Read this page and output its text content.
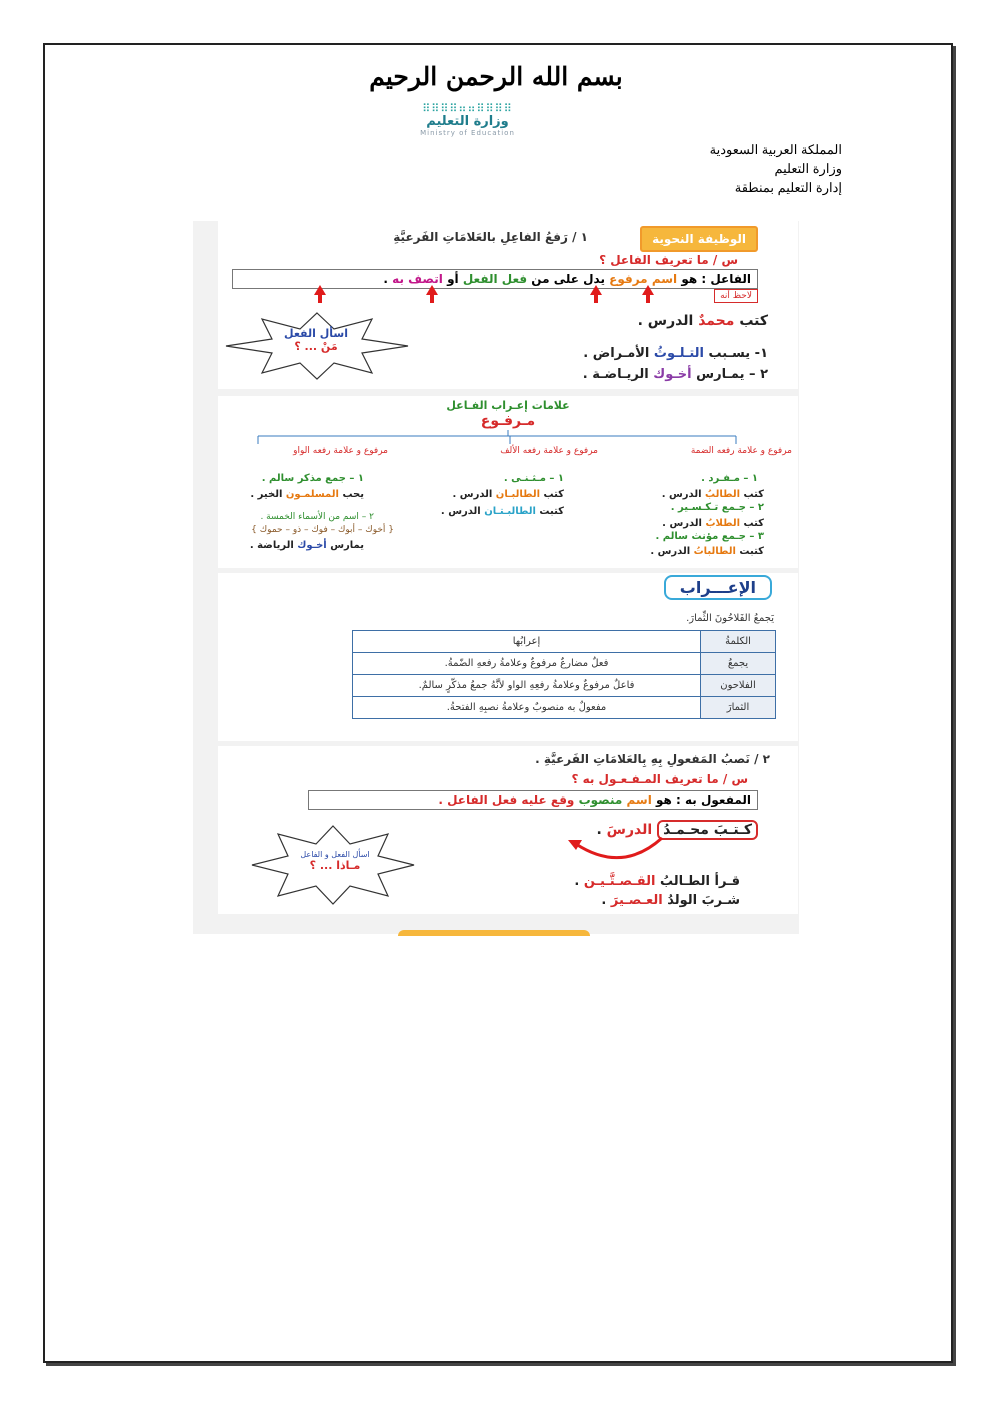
بسم الله الرحمن الرحيم
⠿⠿⠿⠿⠶⠶⠿⠿⠿⠿
وزارة التعليم
Ministry of Education
المملكة العربية السعودية
وزارة التعليم
إدارة التعليم بمنطقة
الوظيفة النحوية
١ / رَفعُ الفاعِلِ بالعَلامَاتِ الفَرعيَّةِ
س / ما تعريف الفاعل ؟
الفاعل : هو اسم مرفوع يدل على من فعل الفعل أو اتصف به .
لاحظ أنه
كتب محمدٌ الدرس .
اسأل الفعل
مَنْ ... ؟	١- يسـبب التـلـوثُ الأمـراض .
٢ – يمـارس أخـوك الريـاضـة .
علامات إعـراب الفـاعل
مـرفـوع
مرفوع و علامة رفعه الضمة
مرفوع و علامة رفعه الألف
مرفوع و علامة رفعه الواو
١ – مـفـرد .
كتب الطالبُ الدرس .
٢ – جـمع تـكـسـير .
كتب الطلابُ الدرس .
٣ – جـمع مؤنث سالم .
كتبت الطالباتُ الدرس .
١ – مـثـنـى .
كتب الطالبـان الدرس .
كتبت الطالبـتـان الدرس .
١ – جمع مذكر سالم .
يحب المسلمـون الخير .
٢ – اسم من الأسماء الخمسة .
{ أخوك – أبوك – فوك – ذو – حموك }
يمارس أخـوك الرياضة .
الإعـــراب
يَجمعُ الفَلاحُونَ الثِّمارَ.
الكلمةُ	إعرابُها
يجمعُ	فعلٌ مضارعٌ مرفوعٌ وعلامةُ رفعهِ الضّمةُ.
الفلاحون	فاعلٌ مرفوعٌ وعلامةُ رفعِهِ الواو لأنَّهُ جمعُ مذكّرٍ سالمٌ.
الثمارَ	مفعولٌ به منصوبٌ وعلامةُ نصبِهِ الفتحةُ.
٢ / نَصبُ المَفعولِ بِهِ بِالعَلامَاتِ الفَرعيَّةِ .
س / ما تعريف المـفـعـول به ؟
المفعول به : هو اسم منصوب وقع عليه فعل الفاعل .
كـتـبَ محـمـدُ الدرسَ .
اسأل الفعل و الفاعل
مـاذا ... ؟
قـرأ الطـالبُ القـصـتَّـيـن .
شـربَ الولدُ العـصـيرَ .
